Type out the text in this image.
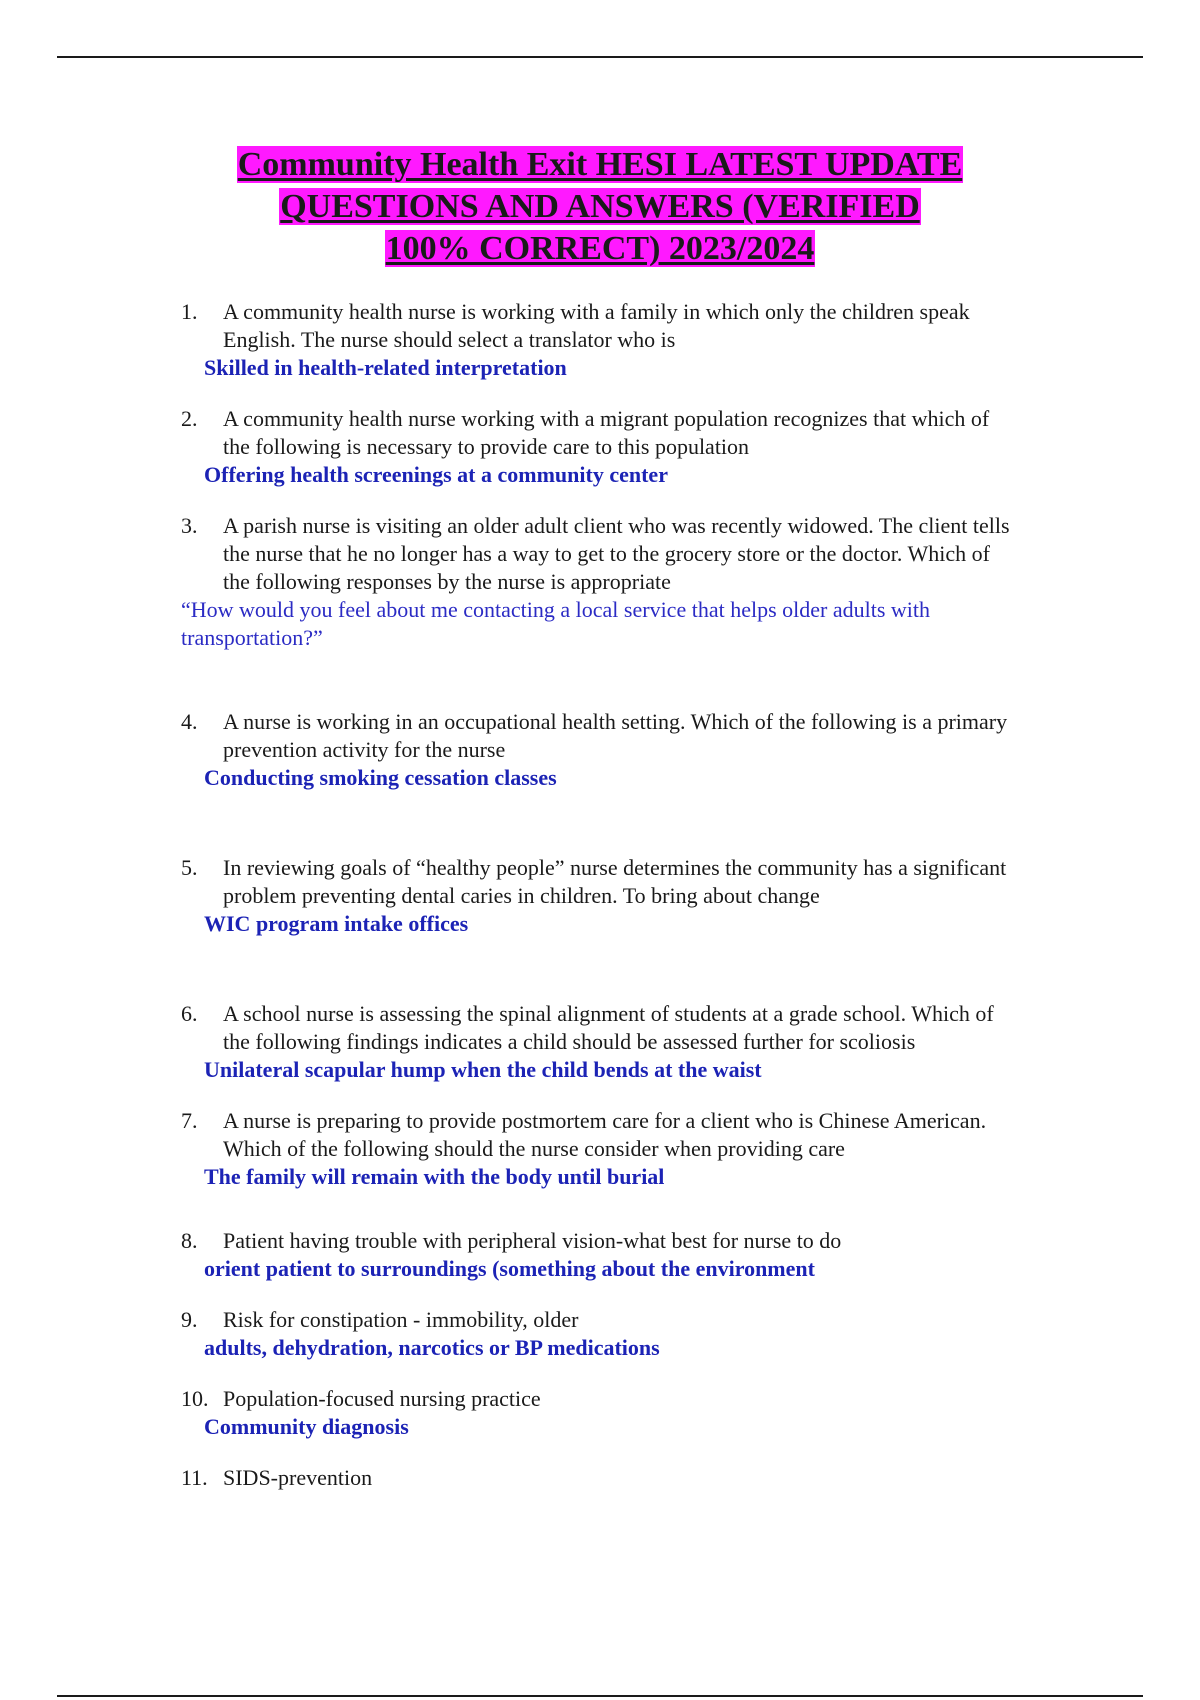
Community Health Exit HESI LATEST UPDATE
QUESTIONS AND ANSWERS (VERIFIED
100% CORRECT) 2023/2024
1.	A community health nurse is working with a family in which only the children speak English. The nurse should select a translator who is
Skilled in health-related interpretation
2.	A community health nurse working with a migrant population recognizes that which of the following is necessary to provide care to this population
Offering health screenings at a community center
3.	A parish nurse is visiting an older adult client who was recently widowed. The client tells the nurse that he no longer has a way to get to the grocery store or the doctor. Which of the following responses by the nurse is appropriate
“How would you feel about me contacting a local service that helps older adults with transportation?”
4.	A nurse is working in an occupational health setting. Which of the following is a primary prevention activity for the nurse
Conducting smoking cessation classes
5.	In reviewing goals of “healthy people” nurse determines the community has a significant problem preventing dental caries in children. To bring about change
WIC program intake offices
6.	A school nurse is assessing the spinal alignment of students at a grade school. Which of the following findings indicates a child should be assessed further for scoliosis
Unilateral scapular hump when the child bends at the waist
7.	A nurse is preparing to provide postmortem care for a client who is Chinese American. Which of the following should the nurse consider when providing care
The family will remain with the body until burial
8.	Patient having trouble with peripheral vision-what best for nurse to do
orient patient to surroundings (something about the environment
9.	Risk for constipation - immobility, older
adults, dehydration, narcotics or BP medications
10. Population-focused nursing practice
Community diagnosis
11. SIDS-prevention
